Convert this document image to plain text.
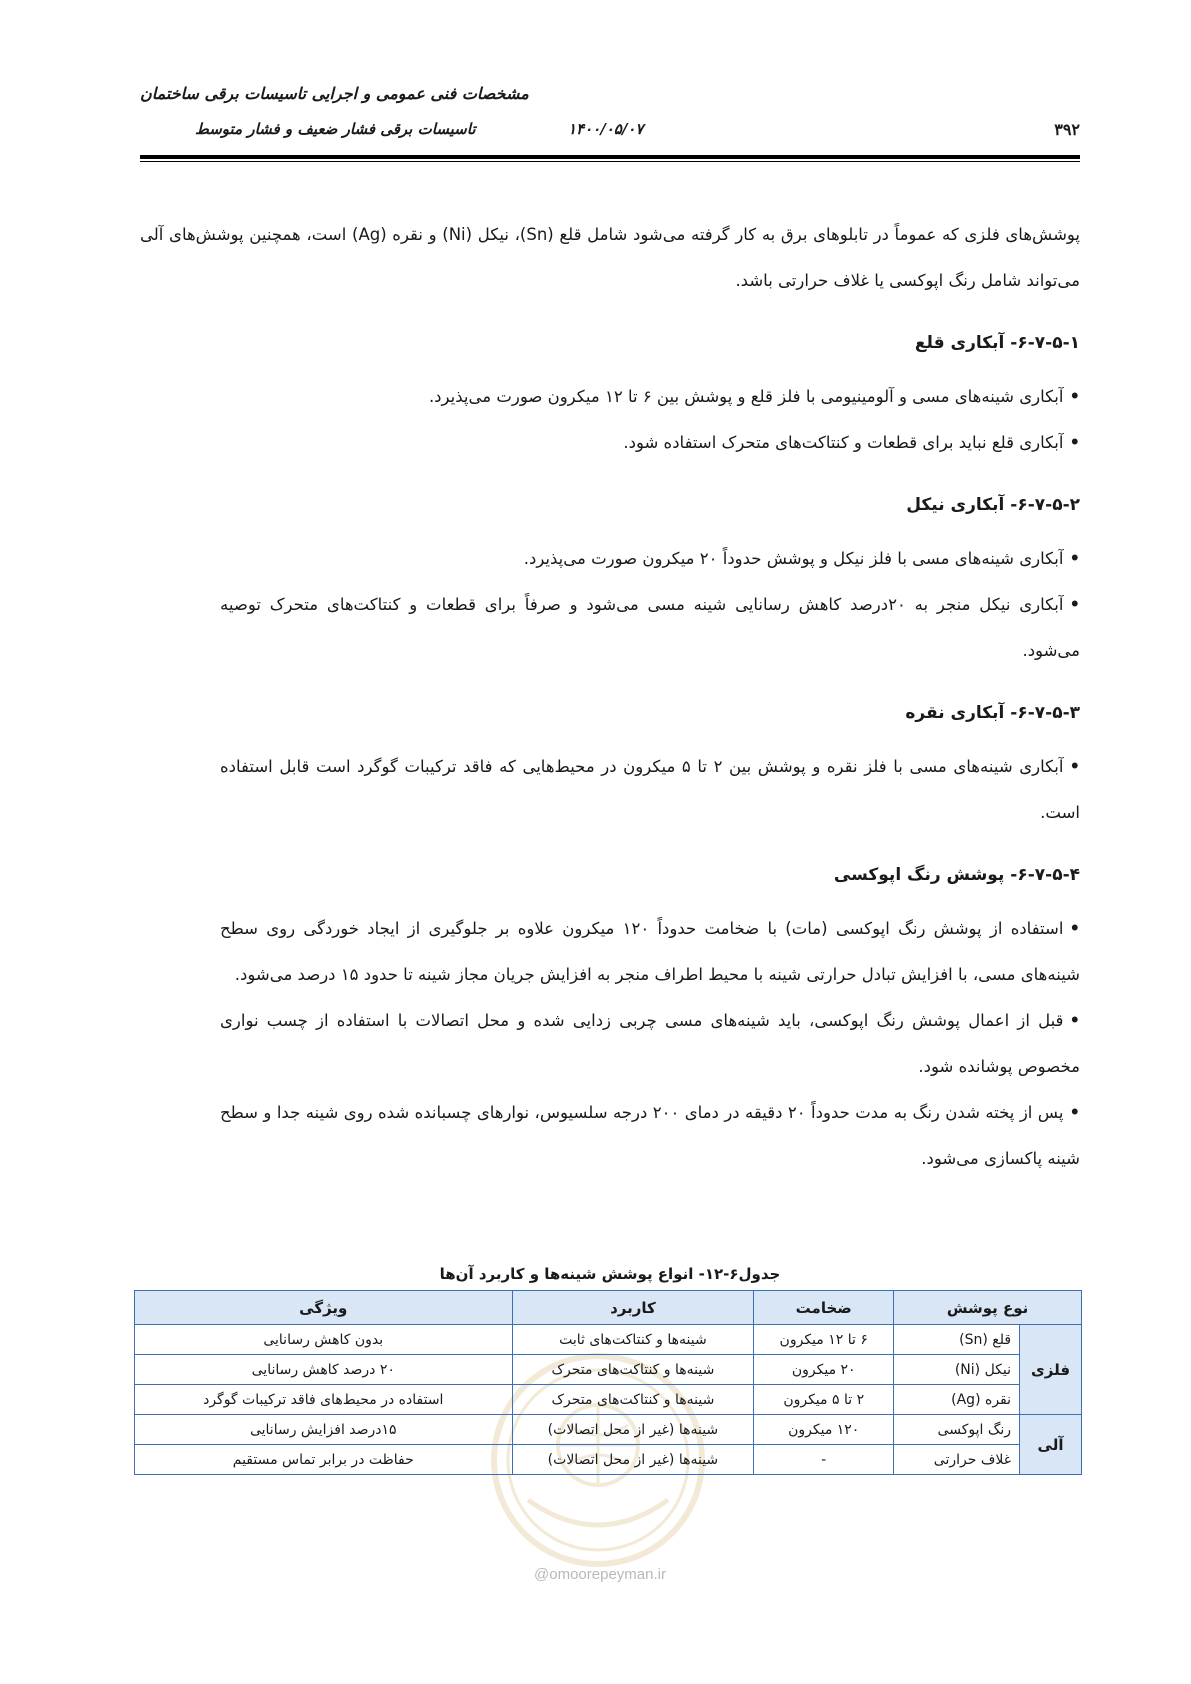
مشخصات فنی عمومی و اجرایی تاسیسات برقی ساختمان
تاسیسات برقی فشار ضعیف و فشار متوسط	۱۴۰۰/۰۵/۰۷	۳۹۲

پوشش‌های فلزی که عموماً در تابلوهای برق به کار گرفته می‌شود شامل قلع (Sn)، نیکل (Ni) و نقره (Ag) است، همچنین پوشش‌های آلی می‌تواند شامل رنگ اپوکسی یا غلاف حرارتی باشد.

۶-۷-۵-۱- آبکاری قلع

•آبکاری شینه‌های مسی و آلومینیومی با فلز قلع و پوشش بین ۶ تا ۱۲ میکرون صورت می‌پذیرد.

•آبکاری قلع نباید برای قطعات و کنتاکت‌های متحرک استفاده شود.

۶-۷-۵-۲- آبکاری نیکل

•آبکاری شینه‌های مسی با فلز نیکل و پوشش حدوداً ۲۰ میکرون صورت می‌پذیرد.

•آبکاری نیکل منجر به ۲۰درصد کاهش رسانایی شینه مسی می‌شود و صرفاً برای قطعات و کنتاکت‌های متحرک توصیه می‌شود.

۶-۷-۵-۳- آبکاری نقره

•آبکاری شینه‌های مسی با فلز نقره و پوشش بین ۲ تا ۵ میکرون در محیط‌هایی که فاقد ترکیبات گوگرد است قابل استفاده است.

۶-۷-۵-۴- پوشش رنگ اپوکسی

•استفاده از پوشش رنگ اپوکسی (مات) با ضخامت حدوداً ۱۲۰ میکرون علاوه بر جلوگیری از ایجاد خوردگی روی سطح شینه‌های مسی، با افزایش تبادل حرارتی شینه با محیط اطراف منجر به افزایش جریان مجاز شینه تا حدود ۱۵ درصد می‌شود.

•قبل از اعمال پوشش رنگ اپوکسی، باید شینه‌های مسی چربی زدایی شده و محل اتصالات با استفاده از چسب نواری مخصوص پوشانده شود.

•پس از پخته شدن رنگ به مدت حدوداً ۲۰ دقیقه در دمای ۲۰۰ درجه سلسیوس، نوارهای چسبانده شده روی شینه جدا و سطح شینه پاکسازی می‌شود.

@omoorepeyman.ir
جدول۶-۱۲- انواع پوشش شینه‌ها و کاربرد آن‌ها
نوع پوشش		ضخامت	کاربرد	ویژگی
فلزی	قلع (Sn)	۶ تا ۱۲ میکرون	شینه‌ها و کنتاکت‌های ثابت	بدون کاهش رسانایی
	نیکل (Ni)	۲۰ میکرون	شینه‌ها و کنتاکت‌های متحرک	۲۰ درصد کاهش رسانایی
	نقره (Ag)	۲ تا ۵ میکرون	شینه‌ها و کنتاکت‌های متحرک	استفاده در محیط‌های فاقد ترکیبات گوگرد
آلی	رنگ اپوکسی	۱۲۰ میکرون	شینه‌ها (غیر از محل اتصالات)	۱۵درصد افزایش رسانایی
	غلاف حرارتی	-	شینه‌ها (غیر از محل اتصالات)	حفاظت در برابر تماس مستقیم
